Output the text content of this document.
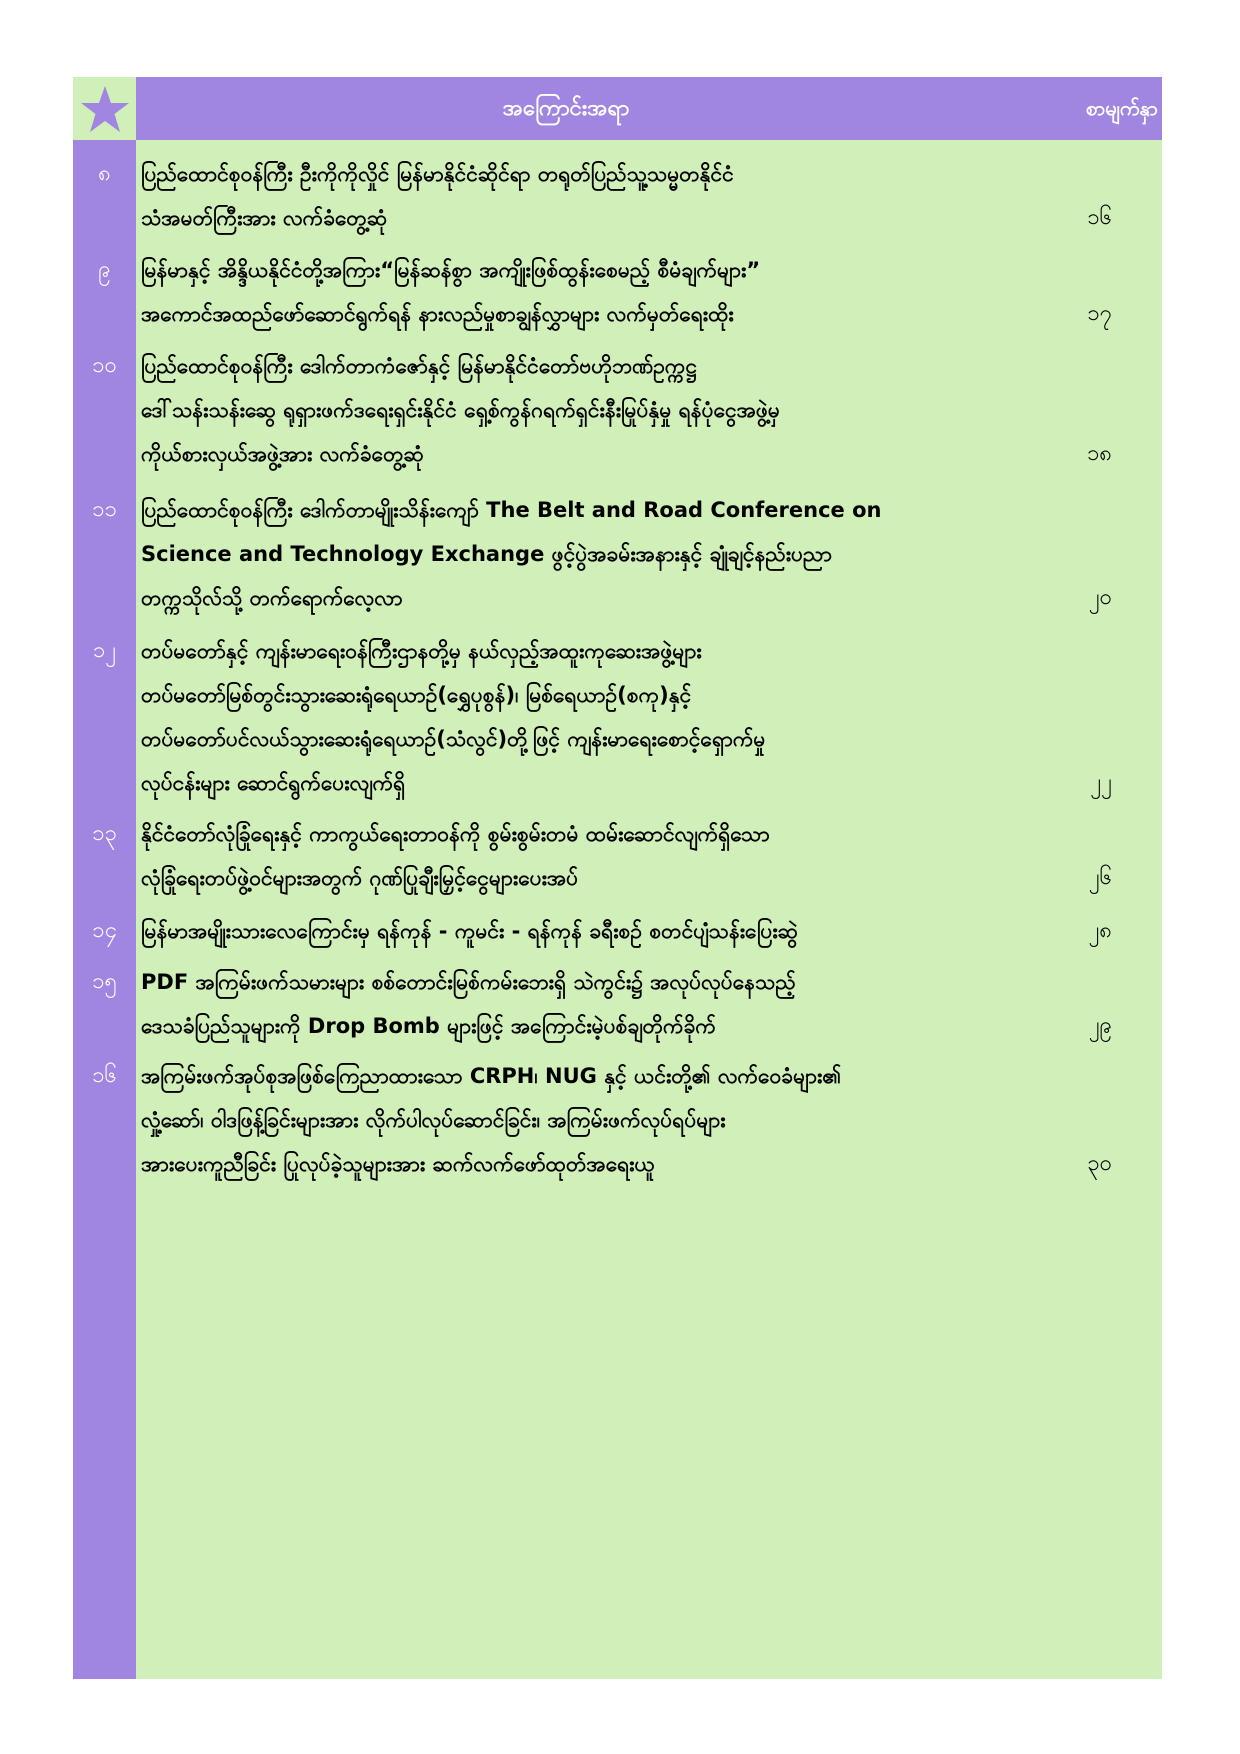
အကြောင်းအရာ	စာမျက်နှာ
၈	ပြည်ထောင်စုဝန်ကြီး ဦးကိုကိုလှိုင် မြန်မာနိုင်ငံဆိုင်ရာ တရုတ်ပြည်သူ့သမ္မတနိုင်ငံ
သံအမတ်ကြီးအား လက်ခံတွေ့ဆုံ	၁၆
၉	မြန်မာနှင့် အိန္ဒိယနိုင်ငံတို့အကြား“မြန်ဆန်စွာ အကျိုးဖြစ်ထွန်းစေမည့် စီမံချက်များ”
အကောင်အထည်ဖော်ဆောင်ရွက်ရန် နားလည်မှုစာချွန်လွှာများ လက်မှတ်ရေးထိုး	၁၇
၁၀	ပြည်ထောင်စုဝန်ကြီး ဒေါက်တာကံဇော်နှင့် မြန်မာနိုင်ငံတော်ဗဟိုဘဏ်ဥက္ကဋ္ဌ
ဒေါ်သန်းသန်းဆွေ ရုရှားဖက်ဒရေးရှင်းနိုင်ငံ ရှေ့စ်ကွန်ဂရက်ရှင်းနီးမြုပ်နှံမှု ရန်ပုံငွေအဖွဲ့မှ
ကိုယ်စားလှယ်အဖွဲ့အား လက်ခံတွေ့ဆုံ	၁၈
၁၁	ပြည်ထောင်စုဝန်ကြီး ဒေါက်တာမျိုးသိန်းကျော် The Belt and Road Conference on
Science and Technology Exchange ဖွင့်ပွဲအခမ်းအနားနှင့် ချုံချင့်နည်းပညာ
တက္ကသိုလ်သို့ တက်ရောက်လေ့လာ	၂၀
၁၂	တပ်မတော်နှင့် ကျန်းမာရေးဝန်ကြီးဌာနတို့မှ နယ်လှည့်အထူးကုဆေးအဖွဲ့များ
တပ်မတော်မြစ်တွင်းသွားဆေးရုံရေယာဉ်(ရွှေပုစွန်)၊ မြစ်ရေယာဉ်(စကု)နှင့်
တပ်မတော်ပင်လယ်သွားဆေးရုံရေယာဉ်(သံလွင်)တို့ဖြင့် ကျန်းမာရေးစောင့်ရှောက်မှု
လုပ်ငန်းများ ဆောင်ရွက်ပေးလျက်ရှိ	၂၂
၁၃	နိုင်ငံတော်လုံခြုံရေးနှင့် ကာကွယ်ရေးတာဝန်ကို စွမ်းစွမ်းတမံ ထမ်းဆောင်လျက်ရှိသော
လုံခြုံရေးတပ်ဖွဲ့ဝင်များအတွက် ဂုဏ်ပြုချီးမြှင့်ငွေများပေးအပ်	၂၆
၁၄	မြန်မာအမျိုးသားလေကြောင်းမှ ရန်ကုန် - ကူမင်း - ရန်ကုန် ခရီးစဉ် စတင်ပျံသန်းပြေးဆွဲ	၂၈
၁၅	PDF အကြမ်းဖက်သမားများ စစ်တောင်းမြစ်ကမ်းဘေးရှိ သဲကွင်း၌ အလုပ်လုပ်နေသည့်
ဒေသခံပြည်သူများကို Drop Bomb များဖြင့် အကြောင်းမဲ့ပစ်ချတိုက်ခိုက်	၂၉
၁၆	အကြမ်းဖက်အုပ်စုအဖြစ်ကြေညာထားသော CRPH၊ NUG နှင့် ယင်းတို့၏ လက်ဝေခံများ၏
လှုံ့ဆော်၊ ဝါဒဖြန့်ခြင်းများအား လိုက်ပါလုပ်ဆောင်ခြင်း၊ အကြမ်းဖက်လုပ်ရပ်များ
အားပေးကူညီခြင်း ပြုလုပ်ခဲ့သူများအား ဆက်လက်ဖော်ထုတ်အရေးယူ	၃၀
